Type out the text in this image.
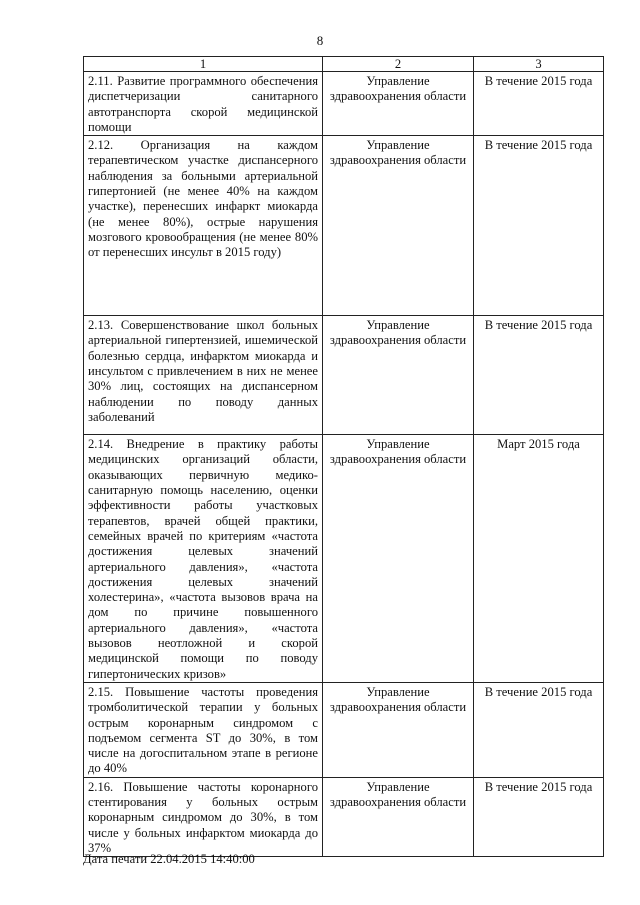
8
1	2	3
2.11. Развитие программного обеспечения диспетчеризации санитарного автотранспорта скорой медицинской помощи	Управление здравоохранения области	В течение 2015 года
2.12. Организация на каждом терапевтическом участке диспансерного наблюдения за больными артериальной гипертонией (не менее 40% на каждом участке), перенесших инфаркт миокарда (не менее 80%), острые нарушения мозгового кровообращения (не менее 80% от перенесших инсульт в 2015 году)	Управление здравоохранения области	В течение 2015 года
2.13. Совершенствование школ больных артериальной гипертензией, ишемической болезнью сердца, инфарктом миокарда и инсультом с привлечением в них не менее 30% лиц, состоящих на диспансерном наблюдении по поводу данных заболеваний	Управление здравоохранения области	В течение 2015 года
2.14. Внедрение в практику работы медицинских организаций области, оказывающих первичную медико-санитарную помощь населению, оценки эффективности работы участковых терапевтов, врачей общей практики, семейных врачей по критериям «частота достижения целевых значений артериального давления», «частота достижения целевых значений холестерина», «частота вызовов врача на дом по причине повышенного артериального давления», «частота вызовов неотложной и скорой медицинской помощи по поводу гипертонических кризов»	Управление здравоохранения области	Март 2015 года
2.15. Повышение частоты проведения тромболитической терапии у больных острым коронарным синдромом с подъемом сегмента ST до 30%, в том числе на догоспитальном этапе в регионе до 40%	Управление здравоохранения области	В течение 2015 года
2.16. Повышение частоты коронарного стентирования у больных острым коронарным синдромом до 30%, в том числе у больных инфарктом миокарда до 37%	Управление здравоохранения области	В течение 2015 года
Дата печати 22.04.2015 14:40:00
